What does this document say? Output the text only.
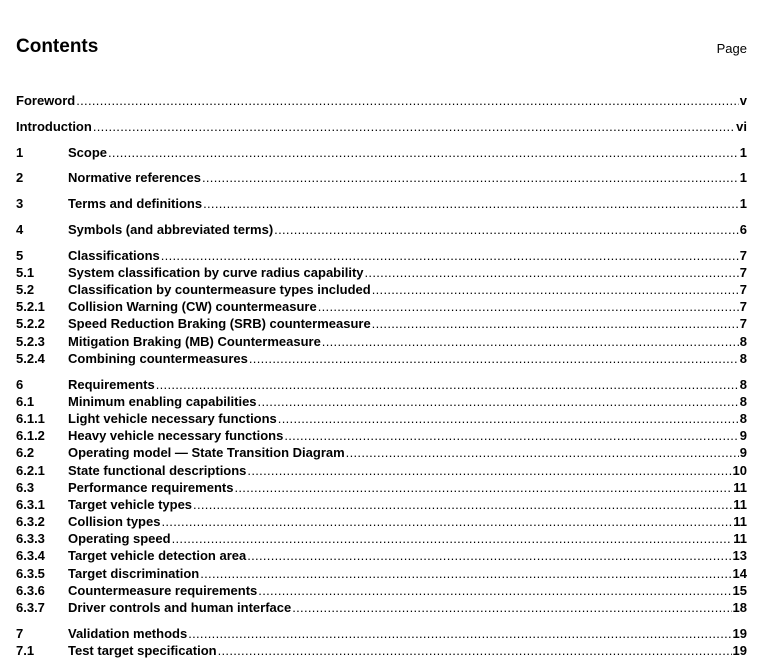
Contents	Page
Foreword .....	v
Introduction .....	vi
1	Scope .....	1
2	Normative references .....	1
3	Terms and definitions .....	1
4	Symbols (and abbreviated terms) .....	6
5	Classifications .....	7
5.1	System classification by curve radius capability .....	7
5.2	Classification by countermeasure types included .....	7
5.2.1	Collision Warning (CW) countermeasure .....	7
5.2.2	Speed Reduction Braking (SRB) countermeasure .....	7
5.2.3	Mitigation Braking (MB) Countermeasure .....	8
5.2.4	Combining countermeasures .....	8
6	Requirements .....	8
6.1	Minimum enabling capabilities .....	8
6.1.1	Light vehicle necessary functions .....	8
6.1.2	Heavy vehicle necessary functions .....	9
6.2	Operating model — State Transition Diagram .....	9
6.2.1	State functional descriptions .....	10
6.3	Performance requirements .....	11
6.3.1	Target vehicle types .....	11
6.3.2	Collision types .....	11
6.3.3	Operating speed .....	11
6.3.4	Target vehicle detection area .....	13
6.3.5	Target discrimination .....	14
6.3.6	Countermeasure requirements .....	15
6.3.7	Driver controls and human interface .....	18
7	Validation methods .....	19
7.1	Test target specification .....	19
